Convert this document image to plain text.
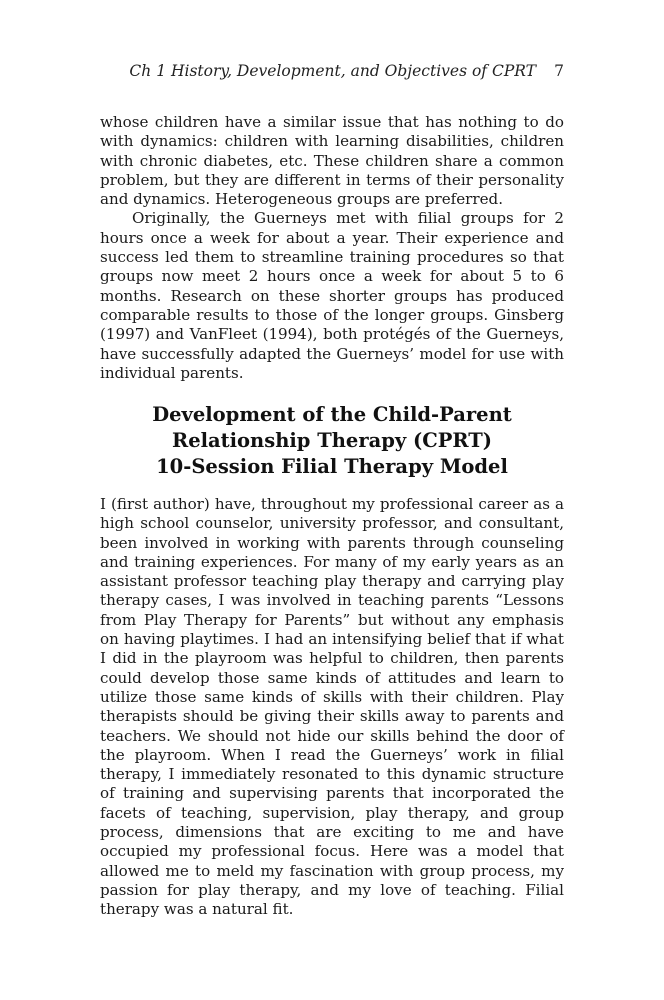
Ch 1 History, Development, and Objectives of CPRT 7

whose children have a similar issue that has nothing to do with dynamics: children with learning disabilities, children with chronic diabetes, etc. These children share a common problem, but they are different in terms of their personality and dynamics. Heterogeneous groups are preferred.

Originally, the Guerneys met with filial groups for 2 hours once a week for about a year. Their experience and success led them to streamline training procedures so that groups now meet 2 hours once a week for about 5 to 6 months. Research on these shorter groups has produced comparable results to those of the longer groups. Ginsberg (1997) and VanFleet (1994), both protégés of the Guerneys, have successfully adapted the Guerneys’ model for use with individual parents.

Development of the Child-Parent
Relationship Therapy (CPRT)
10-Session Filial Therapy Model

I (first author) have, throughout my professional career as a high school counselor, university professor, and consultant, been involved in working with parents through counseling and training experiences. For many of my early years as an assistant professor teaching play therapy and carrying play therapy cases, I was involved in teaching parents “Lessons from Play Therapy for Parents” but without any emphasis on having playtimes. I had an intensifying belief that if what I did in the playroom was helpful to children, then parents could develop those same kinds of attitudes and learn to utilize those same kinds of skills with their children. Play therapists should be giving their skills away to parents and teachers. We should not hide our skills behind the door of the playroom. When I read the Guerneys’ work in filial therapy, I immediately resonated to this dynamic structure of training and supervising parents that incorporated the facets of teaching, supervision, play therapy, and group process, dimensions that are exciting to me and have occupied my professional focus. Here was a model that allowed me to meld my fascination with group process, my passion for play therapy, and my love of teaching. Filial therapy was a natural fit.
